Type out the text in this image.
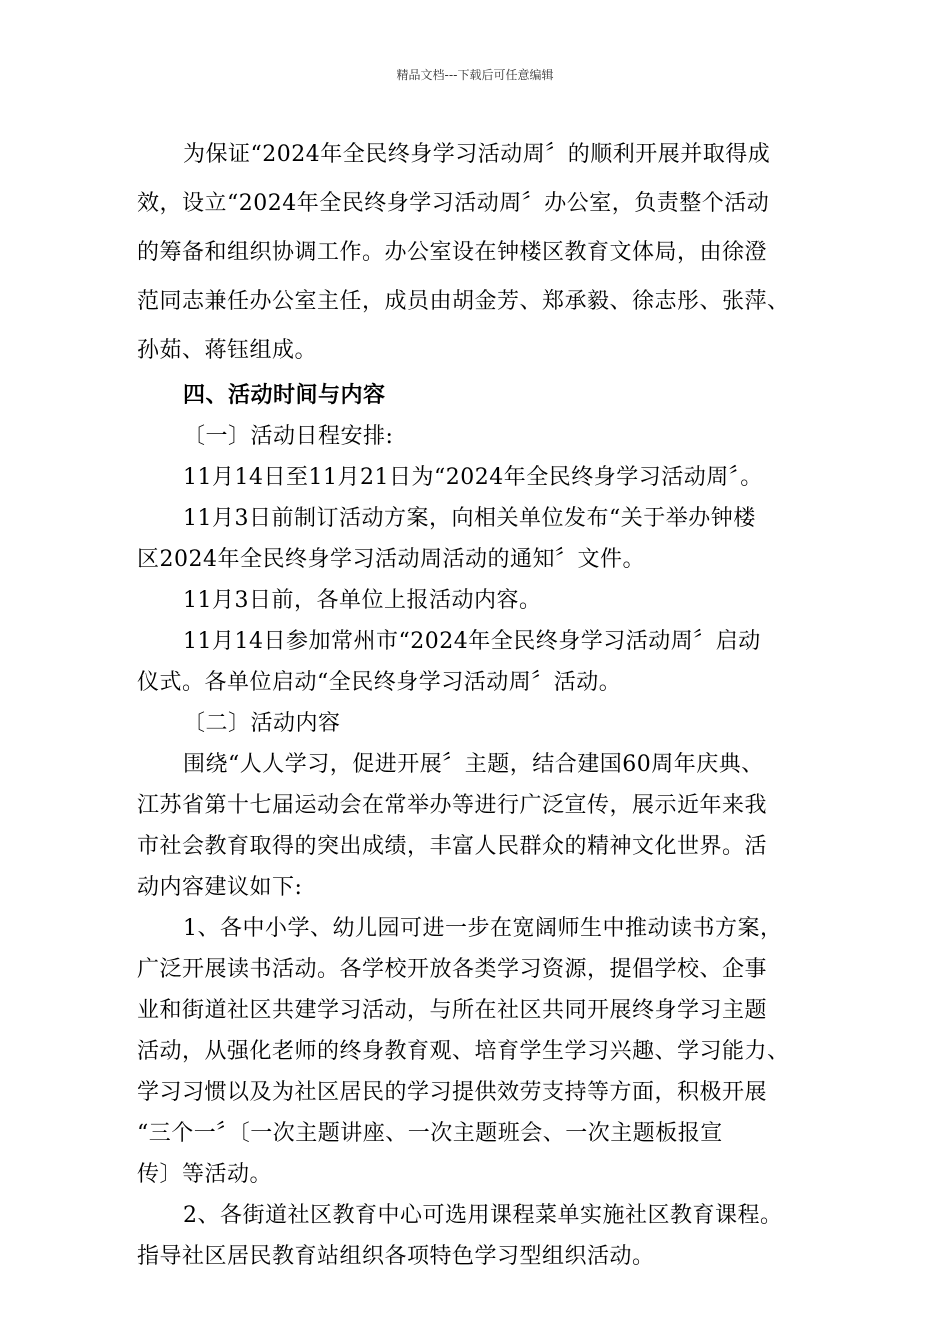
精品文档---下载后可任意编辑
为保证“2024年全民终身学习活动周〞的顺利开展并取得成
效，设立“2024年全民终身学习活动周〞办公室，负责整个活动
的筹备和组织协调工作。办公室设在钟楼区教育文体局，由徐澄
范同志兼任办公室主任，成员由胡金芳、郑承毅、徐志彤、张萍、
孙茹、蒋钰组成。
四、活动时间与内容
〔一〕活动日程安排:
11月14日至11月21日为“2024年全民终身学习活动周〞。
11月3日前制订活动方案，向相关单位发布“关于举办钟楼
区2024年全民终身学习活动周活动的通知〞文件。
11月3日前，各单位上报活动内容。
11月14日参加常州市“2024年全民终身学习活动周〞启动
仪式。各单位启动“全民终身学习活动周〞活动。
〔二〕活动内容
围绕“人人学习，促进开展〞主题，结合建国60周年庆典、
江苏省第十七届运动会在常举办等进行广泛宣传，展示近年来我
市社会教育取得的突出成绩，丰富人民群众的精神文化世界。活
动内容建议如下:
1、各中小学、幼儿园可进一步在宽阔师生中推动读书方案，
广泛开展读书活动。各学校开放各类学习资源，提倡学校、企事
业和街道社区共建学习活动，与所在社区共同开展终身学习主题
活动，从强化老师的终身教育观、培育学生学习兴趣、学习能力、
学习习惯以及为社区居民的学习提供效劳支持等方面，积极开展
“三个一〞〔一次主题讲座、一次主题班会、一次主题板报宣
传〕等活动。
2、各街道社区教育中心可选用课程菜单实施社区教育课程。
指导社区居民教育站组织各项特色学习型组织活动。
